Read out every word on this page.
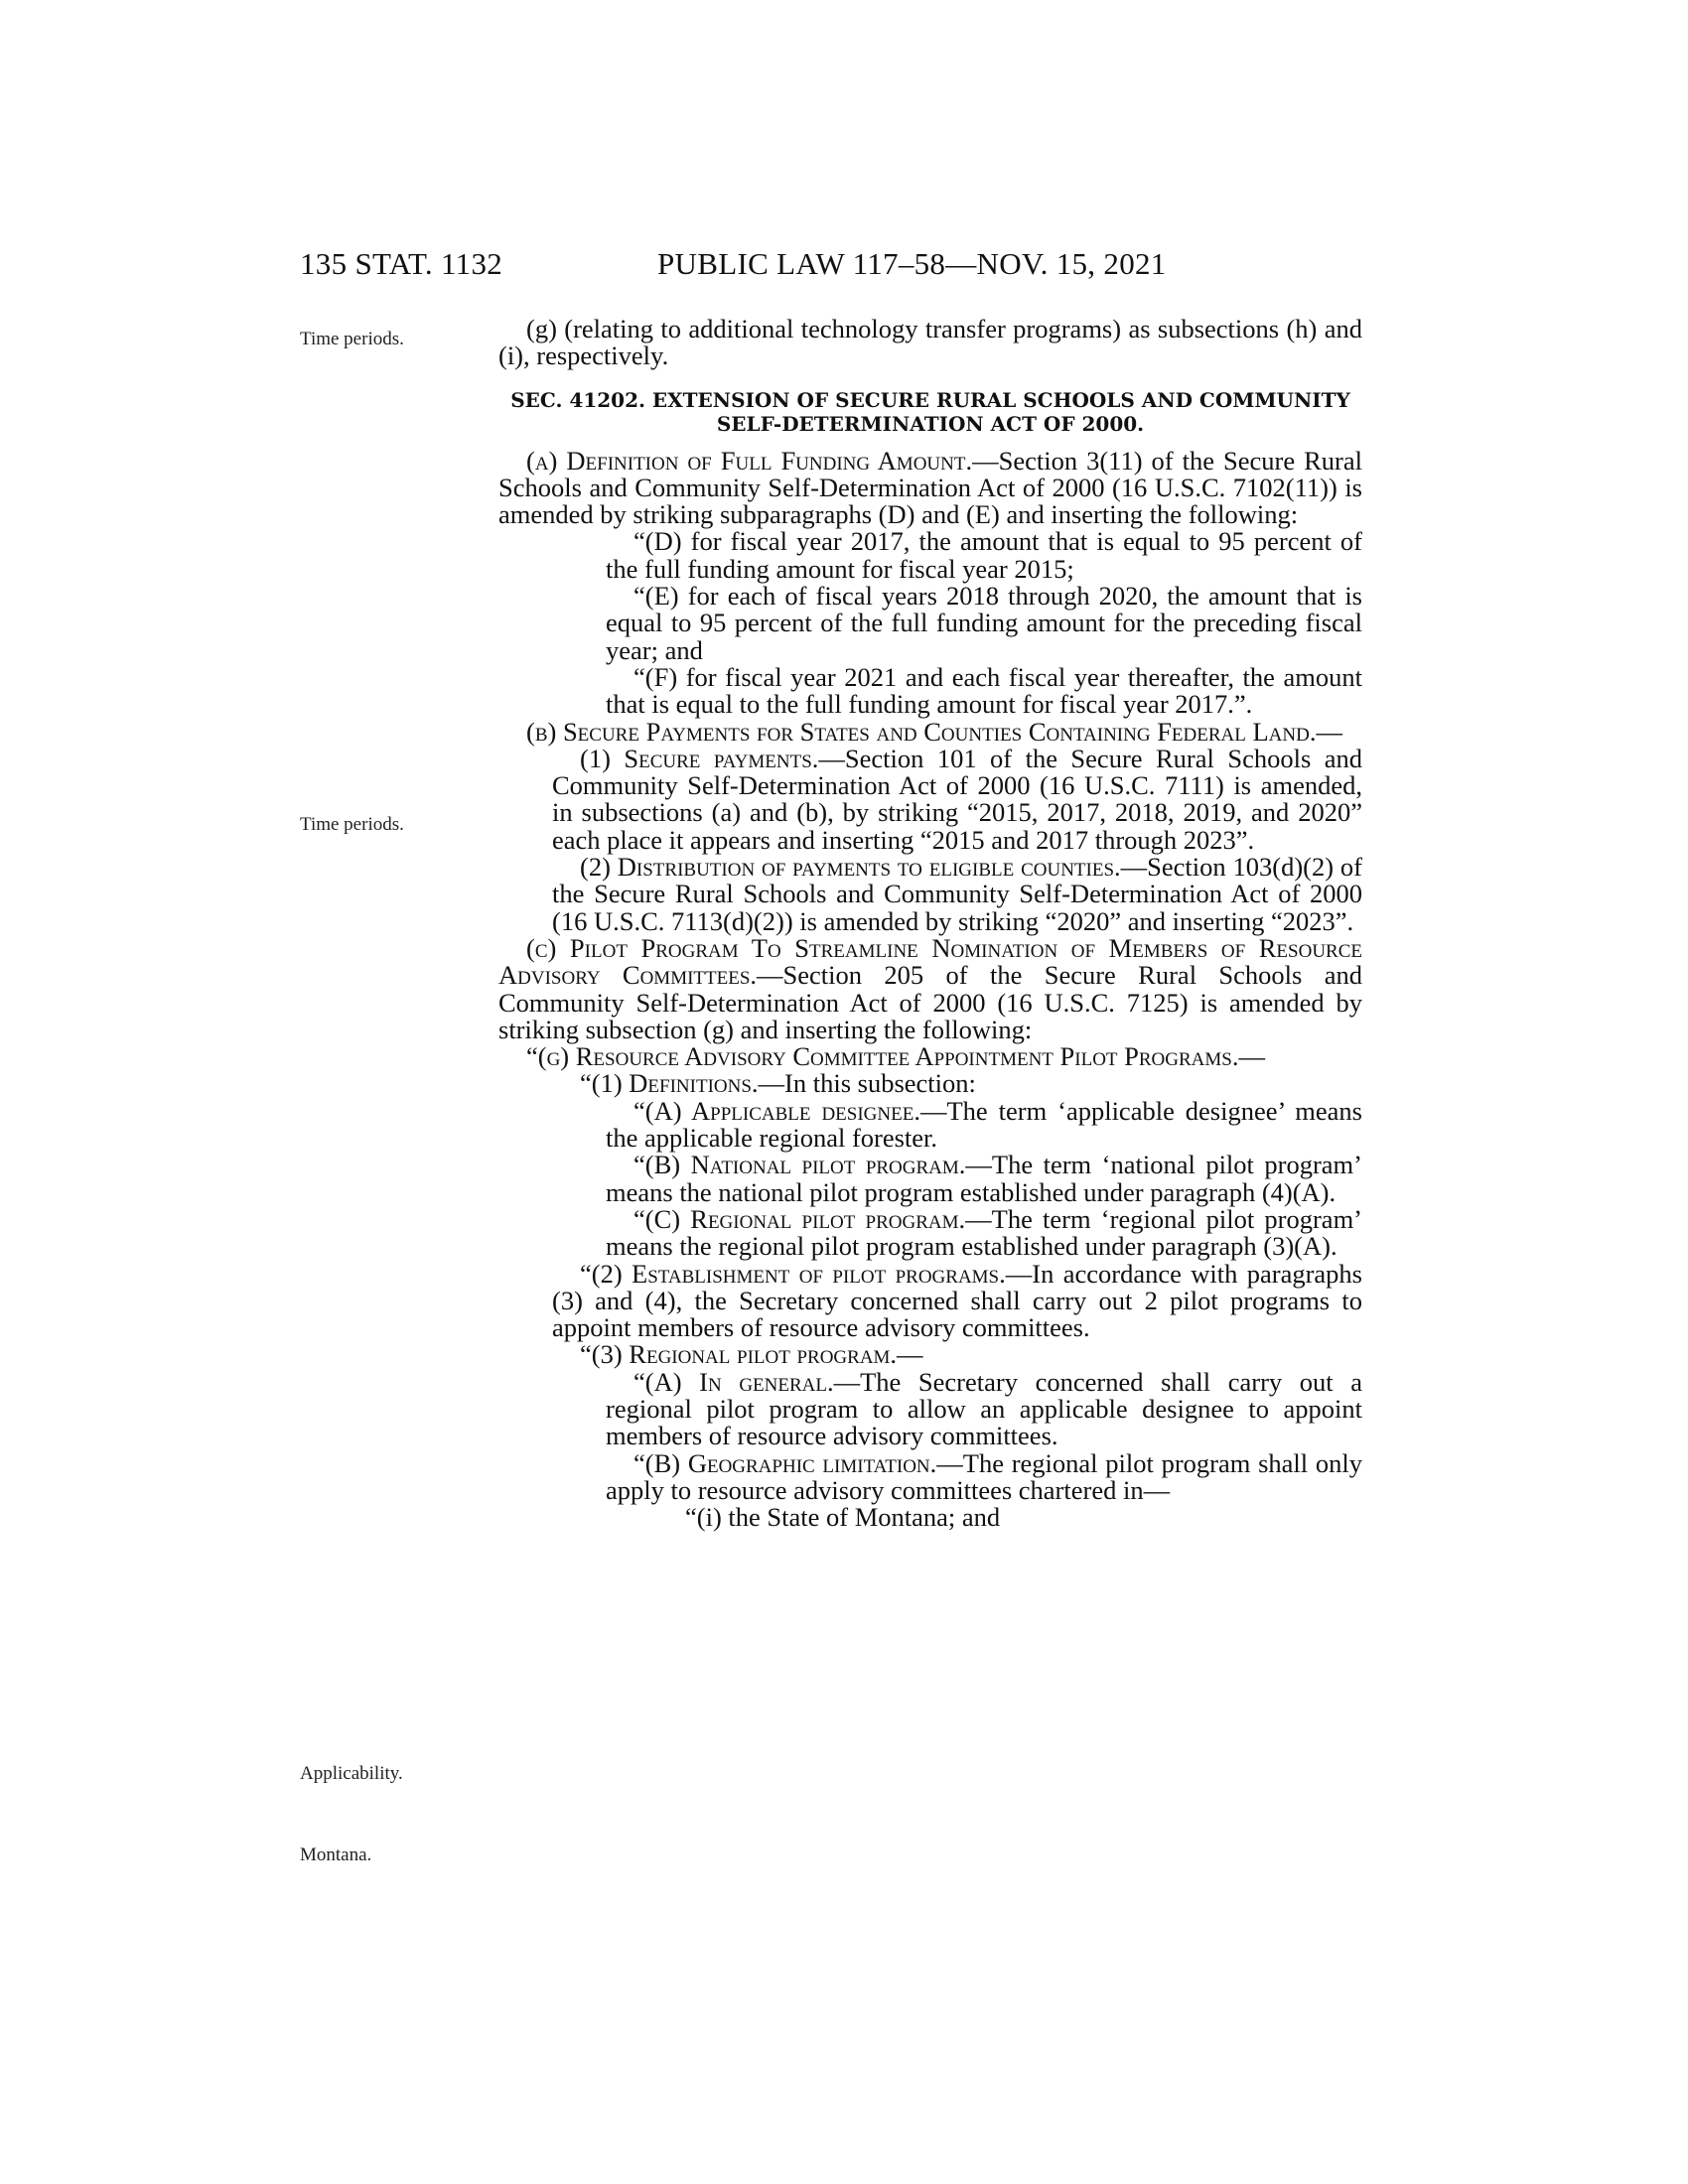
135 STAT. 1132	PUBLIC LAW 117–58—NOV. 15, 2021
Time periods.
Time periods.
Applicability.
Montana.

(g) (relating to additional technology transfer programs) as subsections (h) and (i), respectively.

SEC. 41202. EXTENSION OF SECURE RURAL SCHOOLS AND COMMUNITY
SELF-DETERMINATION ACT OF 2000.

(a) Definition of Full Funding Amount.—Section 3(11) of the Secure Rural Schools and Community Self-Determination Act of 2000 (16 U.S.C. 7102(11)) is amended by striking subparagraphs (D) and (E) and inserting the following:

“(D) for fiscal year 2017, the amount that is equal to 95 percent of the full funding amount for fiscal year 2015;

“(E) for each of fiscal years 2018 through 2020, the amount that is equal to 95 percent of the full funding amount for the preceding fiscal year; and

“(F) for fiscal year 2021 and each fiscal year thereafter, the amount that is equal to the full funding amount for fiscal year 2017.”.

(b) Secure Payments for States and Counties Containing Federal Land.—

(1) Secure payments.—Section 101 of the Secure Rural Schools and Community Self-Determination Act of 2000 (16 U.S.C. 7111) is amended, in subsections (a) and (b), by striking “2015, 2017, 2018, 2019, and 2020” each place it appears and inserting “2015 and 2017 through 2023”.

(2) Distribution of payments to eligible counties.—Section 103(d)(2) of the Secure Rural Schools and Community Self-Determination Act of 2000 (16 U.S.C. 7113(d)(2)) is amended by striking “2020” and inserting “2023”.

(c) Pilot Program To Streamline Nomination of Members of Resource Advisory Committees.—Section 205 of the Secure Rural Schools and Community Self-Determination Act of 2000 (16 U.S.C. 7125) is amended by striking subsection (g) and inserting the following:

“(g) Resource Advisory Committee Appointment Pilot Programs.—

“(1) Definitions.—In this subsection:

“(A) Applicable designee.—The term ‘applicable designee’ means the applicable regional forester.

“(B) National pilot program.—The term ‘national pilot program’ means the national pilot program established under paragraph (4)(A).

“(C) Regional pilot program.—The term ‘regional pilot program’ means the regional pilot program established under paragraph (3)(A).

“(2) Establishment of pilot programs.—In accordance with paragraphs (3) and (4), the Secretary concerned shall carry out 2 pilot programs to appoint members of resource advisory committees.

“(3) Regional pilot program.—

“(A) In general.—The Secretary concerned shall carry out a regional pilot program to allow an applicable designee to appoint members of resource advisory committees.

“(B) Geographic limitation.—The regional pilot program shall only apply to resource advisory committees chartered in—

“(i) the State of Montana; and
